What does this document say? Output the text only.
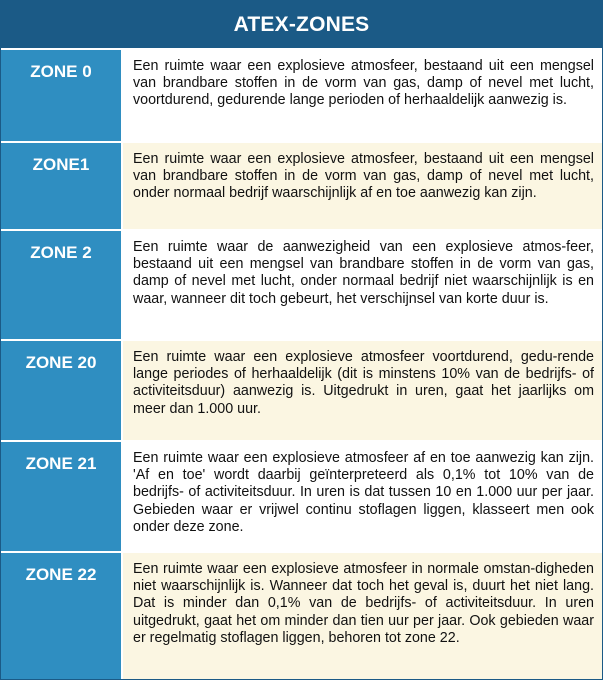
ATEX-ZONES
ZONE 0	Een ruimte waar een explosieve atmosfeer, bestaand uit een mengsel van brandbare stoffen in de vorm van gas, damp of nevel met lucht, voortdurend, gedurende lange perioden of herhaaldelijk aanwezig is.
ZONE1	Een ruimte waar een explosieve atmosfeer, bestaand uit een mengsel van brandbare stoffen in de vorm van gas, damp of nevel met lucht, onder normaal bedrijf waarschijnlijk af en toe aanwezig kan zijn.
ZONE 2	Een ruimte waar de aanwezigheid van een explosieve atmos-feer, bestaand uit een mengsel van brandbare stoffen in de vorm van gas, damp of nevel met lucht, onder normaal bedrijf niet waarschijnlijk is en waar, wanneer dit toch gebeurt, het verschijnsel van korte duur is.
ZONE 20	Een ruimte waar een explosieve atmosfeer voortdurend, gedu-rende lange periodes of herhaaldelijk (dit is minstens 10% van de bedrijfs- of activiteitsduur) aanwezig is. Uitgedrukt in uren, gaat het jaarlijks om meer dan 1.000 uur.
ZONE 21	Een ruimte waar een explosieve atmosfeer af en toe aanwezig kan zijn. 'Af en toe' wordt daarbij geïnterpreteerd als 0,1% tot 10% van de bedrijfs- of activiteitsduur. In uren is dat tussen 10 en 1.000 uur per jaar. Gebieden waar er vrijwel continu stoflagen liggen, klasseert men ook onder deze zone.
ZONE 22	Een ruimte waar een explosieve atmosfeer in normale omstan-digheden niet waarschijnlijk is. Wanneer dat toch het geval is, duurt het niet lang. Dat is minder dan 0,1% van de bedrijfs- of activiteitsduur. In uren uitgedrukt, gaat het om minder dan tien uur per jaar. Ook gebieden waar er regelmatig stoflagen liggen, behoren tot zone 22.
